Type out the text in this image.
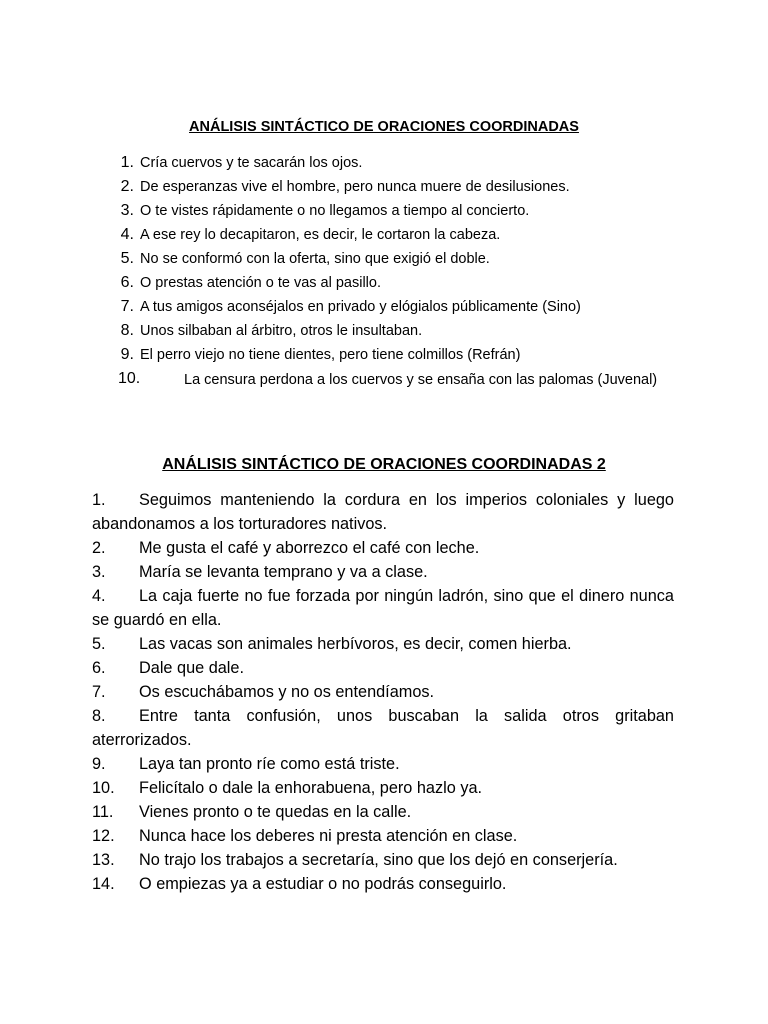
ANÁLISIS SINTÁCTICO DE ORACIONES COORDINADAS
1. Cría cuervos y te sacarán los ojos.
2. De esperanzas vive el hombre, pero nunca muere de desilusiones.
3. O te vistes rápidamente o no llegamos a tiempo al concierto.
4. A ese rey lo decapitaron, es decir, le cortaron la cabeza.
5. No se conformó con la oferta, sino que exigió el doble.
6. O prestas atención o te vas al pasillo.
7. A tus amigos aconséjalos en privado y elógialos públicamente (Sino)
8. Unos silbaban al árbitro, otros le insultaban.
9. El perro viejo no tiene dientes, pero tiene colmillos (Refrán)
10.	La censura perdona a los cuervos y se ensaña con las palomas (Juvenal)
ANÁLISIS SINTÁCTICO DE ORACIONES COORDINADAS 2
1. Seguimos manteniendo la cordura en los imperios coloniales y luego abandonamos a los torturadores nativos.
2. Me gusta el café y aborrezco el café con leche.
3. María se levanta temprano y va a clase.
4. La caja fuerte no fue forzada por ningún ladrón, sino que el dinero nunca se guardó en ella.
5. Las vacas son animales herbívoros, es decir, comen hierba.
6. Dale que dale.
7. Os escuchábamos y no os entendíamos.
8. Entre tanta confusión, unos buscaban la salida otros gritaban aterrorizados.
9. Laya tan pronto ríe como está triste.
10. Felicítalo o dale la enhorabuena, pero hazlo ya.
11. Vienes pronto o te quedas en la calle.
12. Nunca hace los deberes ni presta atención en clase.
13. No trajo los trabajos a secretaría, sino que los dejó en conserjería.
14. O empiezas ya a estudiar o no podrás conseguirlo.
